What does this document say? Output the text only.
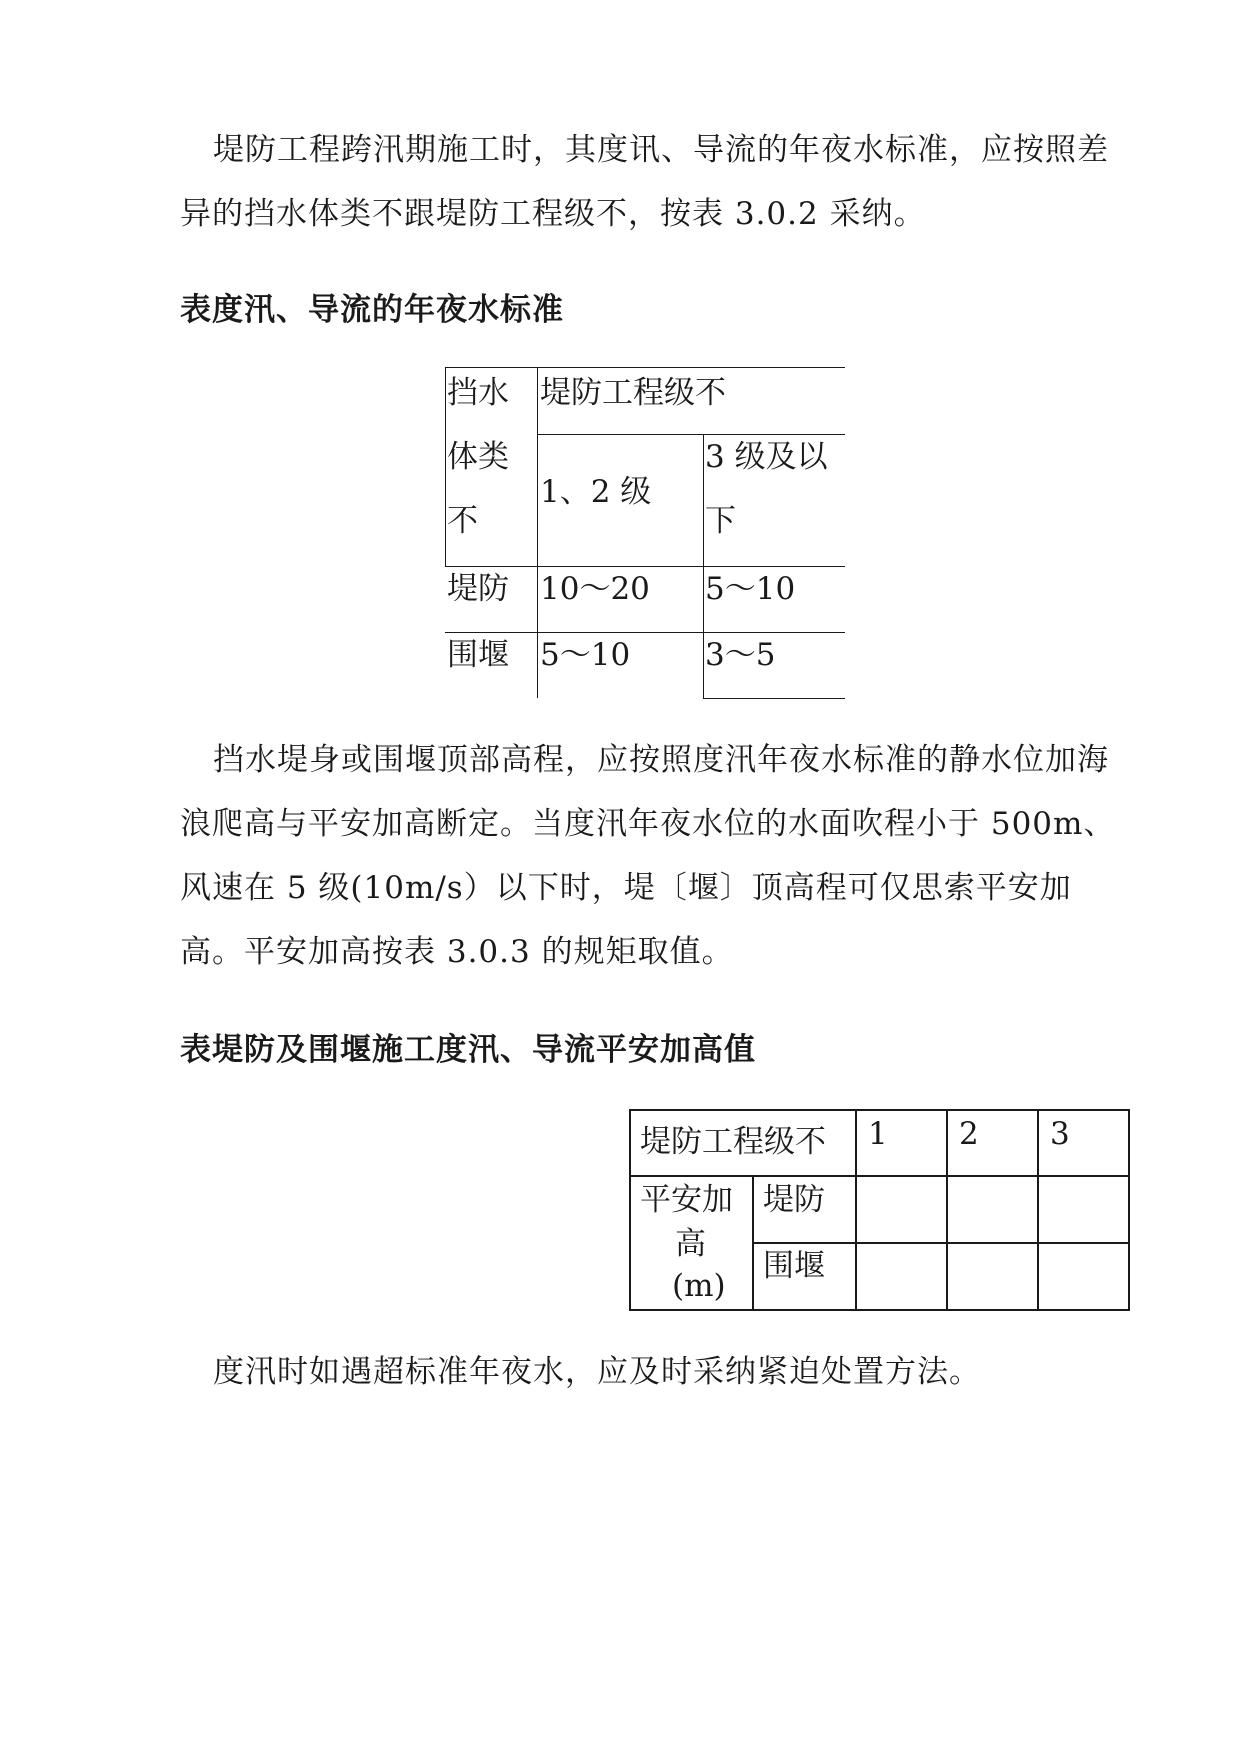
堤防工程跨汛期施工时，其度讯、导流的年夜水标准，应按照差异的挡水体类不跟堤防工程级不，按表 3.0.2 采纳。

表度汛、导流的年夜水标准
挡水
体类
不
堤防工程级不
1、2 级
3 级及以
下
堤防 10～20 5～10
围堰 5～10 3～5

挡水堤身或围堰顶部高程，应按照度汛年夜水标准的静水位加海浪爬高与平安加高断定。当度汛年夜水位的水面吹程小于 500m、风速在 5 级(10m/s）以下时，堤〔堰〕顶高程可仅思索平安加高。平安加高按表 3.0.3 的规矩取值。

表堤防及围堰施工度汛、导流平安加高值
堤防工程级不 1 2 3
平安加
高
(m)
堤防
围堰

度汛时如遇超标准年夜水，应及时采纳紧迫处置方法。
